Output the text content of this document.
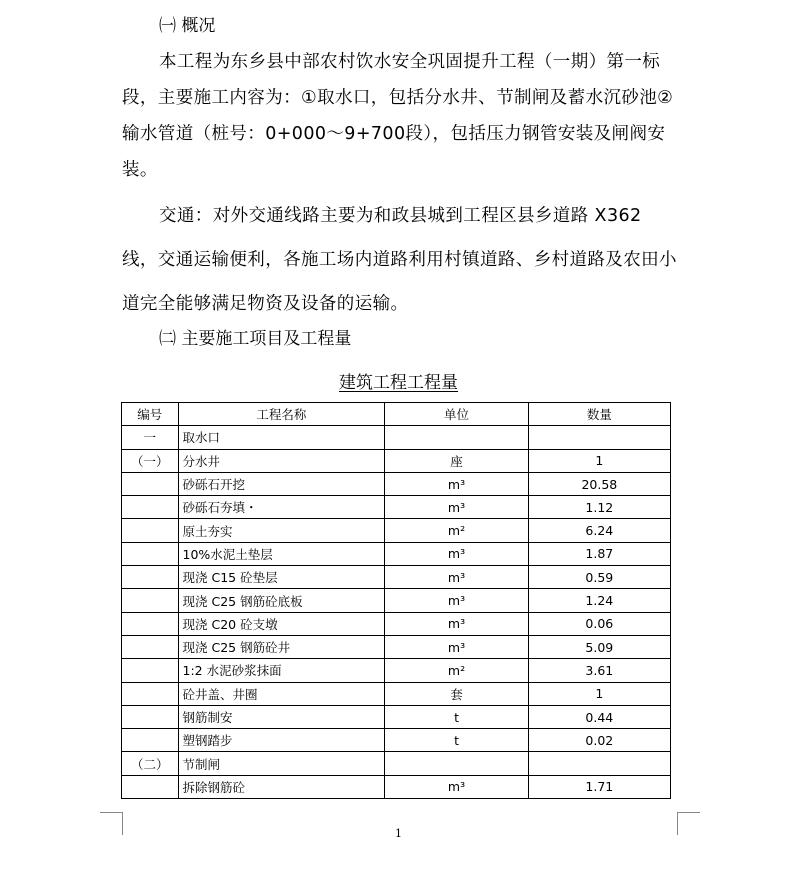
㈠ 概况
本工程为东乡县中部农村饮水安全巩固提升工程（一期）第一标段，主要施工内容为：①取水口，包括分水井、节制闸及蓄水沉砂池②输水管道（桩号：0+000～9+700段），包括压力钢管安装及闸阀安装。
交通：对外交通线路主要为和政县城到工程区县乡道路 X362 线，交通运输便利，各施工场内道路利用村镇道路、乡村道路及农田小道完全能够满足物资及设备的运输。
㈡ 主要施工项目及工程量
建筑工程工程量
编号	工程名称	单位	数量
一	取水口		
（一）	分水井	座	1
	砂砾石开挖	m³	20.58
	砂砾石夯填・	m³	1.12
	原土夯实	m²	6.24
	10%水泥土垫层	m³	1.87
	现浇 C15 砼垫层	m³	0.59
	现浇 C25 钢筋砼底板	m³	1.24
	现浇 C20 砼支墩	m³	0.06
	现浇 C25 钢筋砼井	m³	5.09
	1:2 水泥砂浆抹面	m²	3.61
	砼井盖、井圈	套	1
	钢筋制安	t	0.44
	塑钢踏步	t	0.02
（二）	节制闸		
	拆除钢筋砼	m³	1.71
1
